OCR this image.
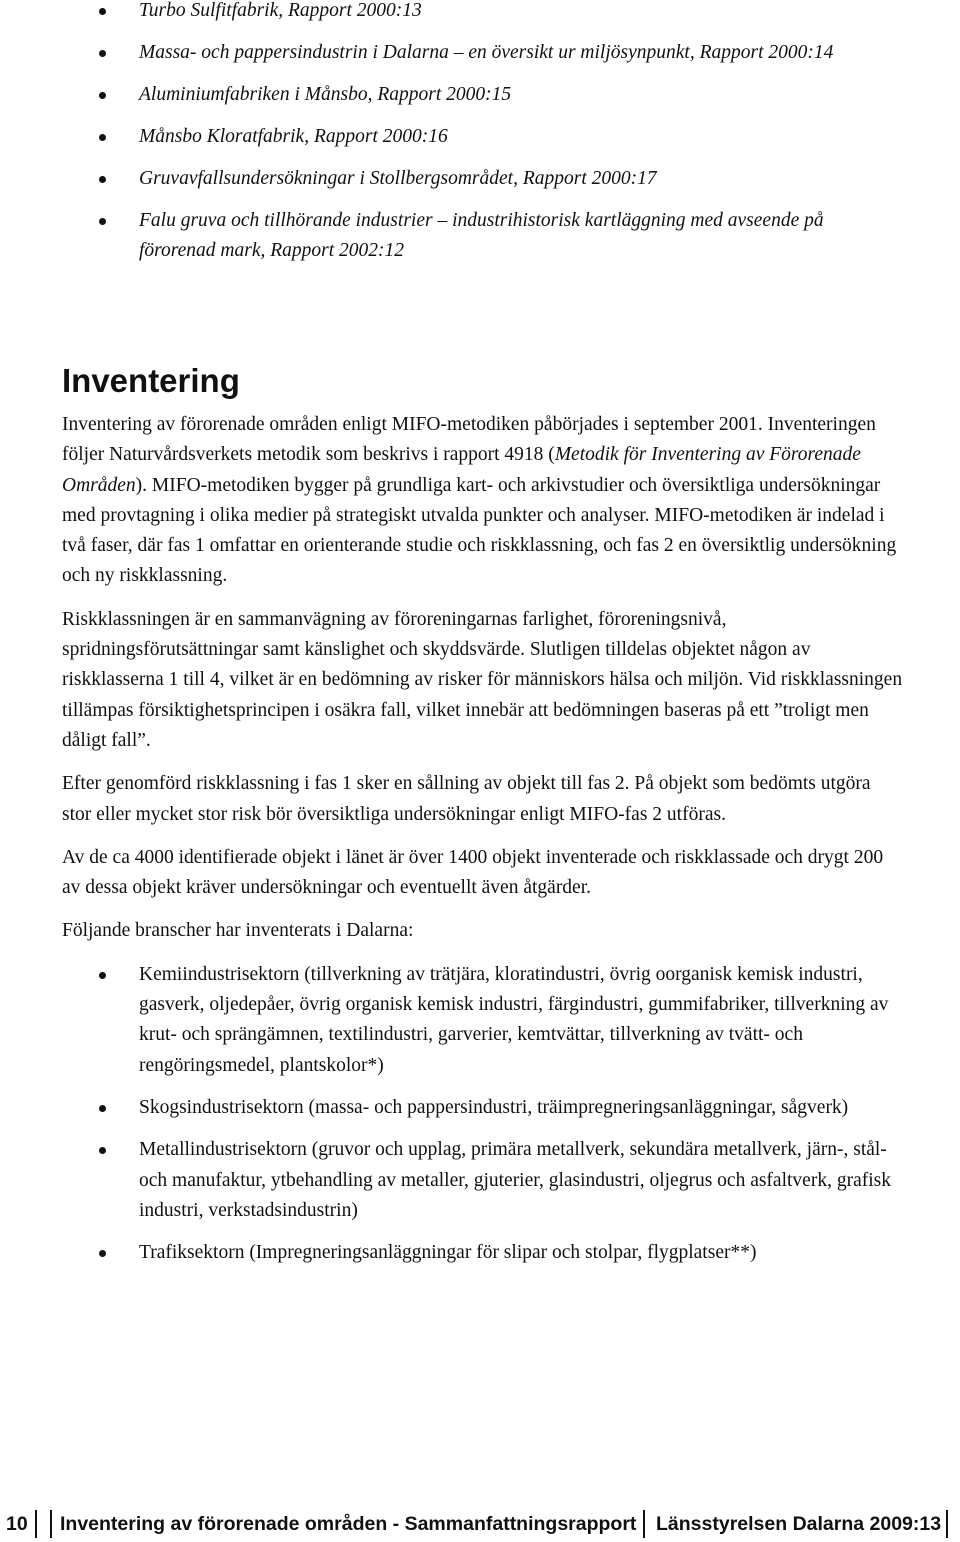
Turbo Sulfitfabrik, Rapport 2000:13
Massa- och pappersindustrin i Dalarna – en översikt ur miljösynpunkt, Rapport 2000:14
Aluminiumfabriken i Månsbo, Rapport 2000:15
Månsbo Kloratfabrik, Rapport 2000:16
Gruvavfallsundersökningar i Stollbergsområdet, Rapport 2000:17
Falu gruva och tillhörande industrier – industrihistorisk kartläggning med avseende på förorenad mark, Rapport 2002:12
Inventering

Inventering av förorenade områden enligt MIFO-metodiken påbörjades i september 2001. Inventeringen följer Naturvårdsverkets metodik som beskrivs i rapport 4918 (Metodik för Inventering av Förorenade Områden). MIFO-metodiken bygger på grundliga kart- och arkivstudier och översiktliga undersökningar med provtagning i olika medier på strategiskt utvalda punkter och analyser. MIFO-metodiken är indelad i två faser, där fas 1 omfattar en orienterande studie och riskklassning, och fas 2 en översiktlig undersökning och ny riskklassning.

Riskklassningen är en sammanvägning av föroreningarnas farlighet, föroreningsnivå, spridningsförutsättningar samt känslighet och skyddsvärde. Slutligen tilldelas objektet någon av riskklasserna 1 till 4, vilket är en bedömning av risker för människors hälsa och miljön. Vid riskklassningen tillämpas försiktighetsprincipen i osäkra fall, vilket innebär att bedömningen baseras på ett ”troligt men dåligt fall”.

Efter genomförd riskklassning i fas 1 sker en sållning av objekt till fas 2. På objekt som bedömts utgöra stor eller mycket stor risk bör översiktliga undersökningar enligt MIFO-fas 2 utföras.

Av de ca 4000 identifierade objekt i länet är över 1400 objekt inventerade och riskklassade och drygt 200 av dessa objekt kräver undersökningar och eventuellt även åtgärder.

Följande branscher har inventerats i Dalarna:

Kemiindustrisektorn (tillverkning av trätjära, kloratindustri, övrig oorganisk kemisk industri, gasverk, oljedepåer, övrig organisk kemisk industri, färgindustri, gummifabriker, tillverkning av krut- och sprängämnen, textilindustri, garverier, kemtvättar, tillverkning av tvätt- och rengöringsmedel, plantskolor*)
Skogsindustrisektorn (massa- och pappersindustri, träimpregneringsanläggningar, sågverk)
Metallindustrisektorn (gruvor och upplag, primära metallverk, sekundära metallverk, järn-, stål- och manufaktur, ytbehandling av metaller, gjuterier, glasindustri, oljegrus och asfaltverk, grafisk industri, verkstadsindustrin)
Trafiksektorn (Impregneringsanläggningar för slipar och stolpar, flygplatser**)
10 Inventering av förorenade områden - Sammanfattningsrapport Länsstyrelsen Dalarna 2009:13
